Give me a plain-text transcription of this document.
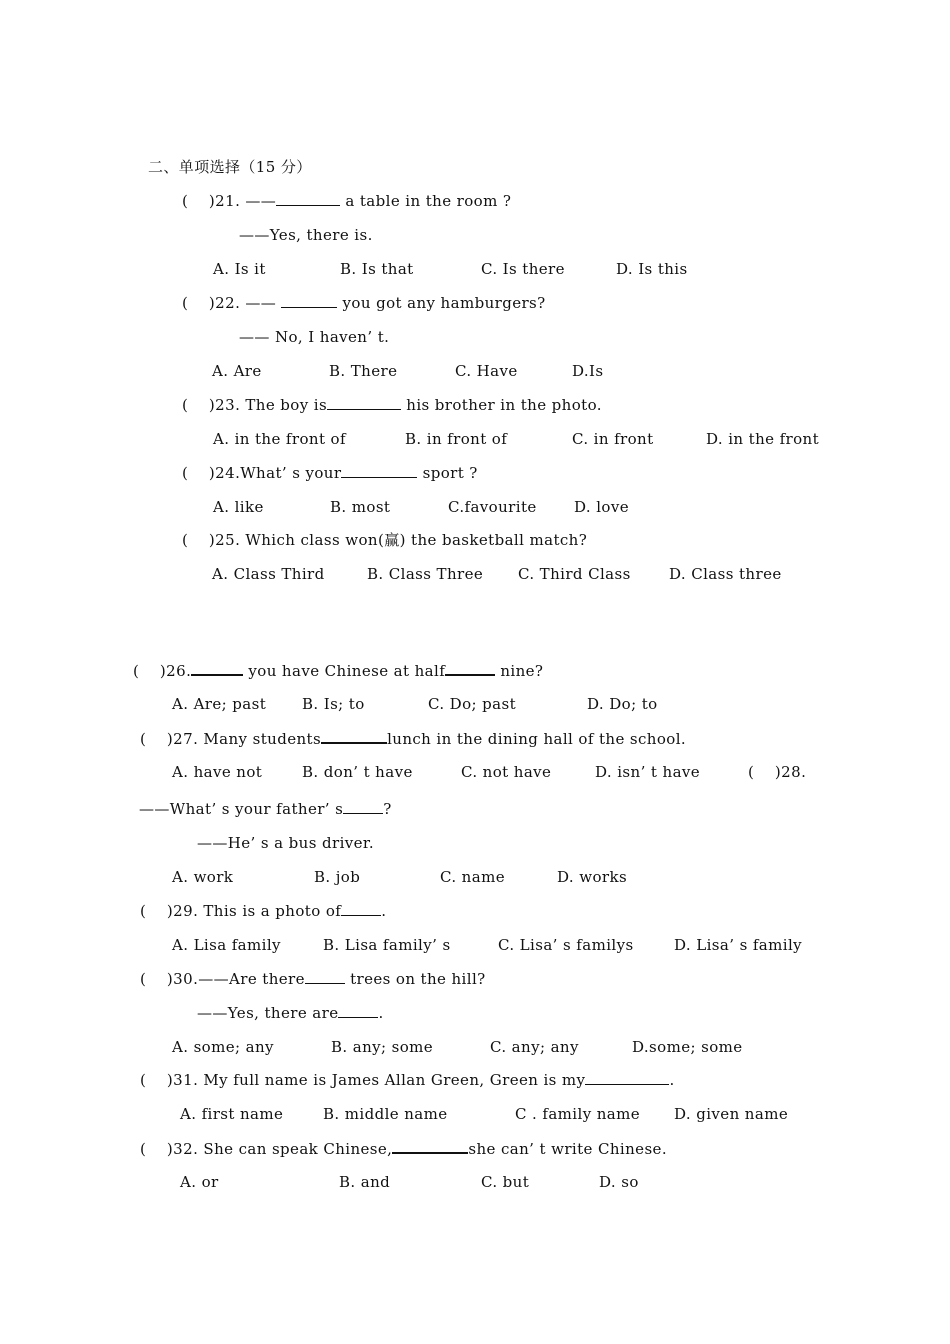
二、单项选择（15 分）
(    )21. ——	a table in the room ?
——Yes, there is.
A. Is it	B. Is that	C. Is there	D. Is this
(    )22. ——	you got any hamburgers?
—— No, I haven’ t.
A. Are	B. There	C. Have	D.Is
(    )23. The boy is	his brother in the photo.
A. in the front of	B. in front of	C. in front	D. in the front
(    )24.What’ s your	sport ?
A. like	B. most	C.favourite D. love
(    )25. Which class won(赢) the basketball match?
A. Class Third	B. Class Three C. Third Class	D. Class three
(    )26.	you have Chinese at half	nine?
A. Are; past B. Is; to	C. Do; past	D. Do; to
(    )27. Many students	lunch in the dining hall of the school.
A. have not	B. don’ t have	C. not have	D. isn’ t have	(    )28.
——What’ s your father’ s	?
——He’ s a bus driver.
A. work	B. job	C. name	D. works
(    )29. This is a photo of	.
A. Lisa family	B. Lisa family’ s	C. Lisa’ s familys	D. Lisa’ s family
(    )30.——Are there	trees on the hill?
——Yes, there are	.
A. some; any	B. any; some	C. any; any	D.some; some
(    )31. My full name is James Allan Green, Green is my	.
A. first name	B. middle name	C . family name D. given name
(    )32. She can speak Chinese,	she can’ t write Chinese.
A. or	B. and	C. but	D. so
